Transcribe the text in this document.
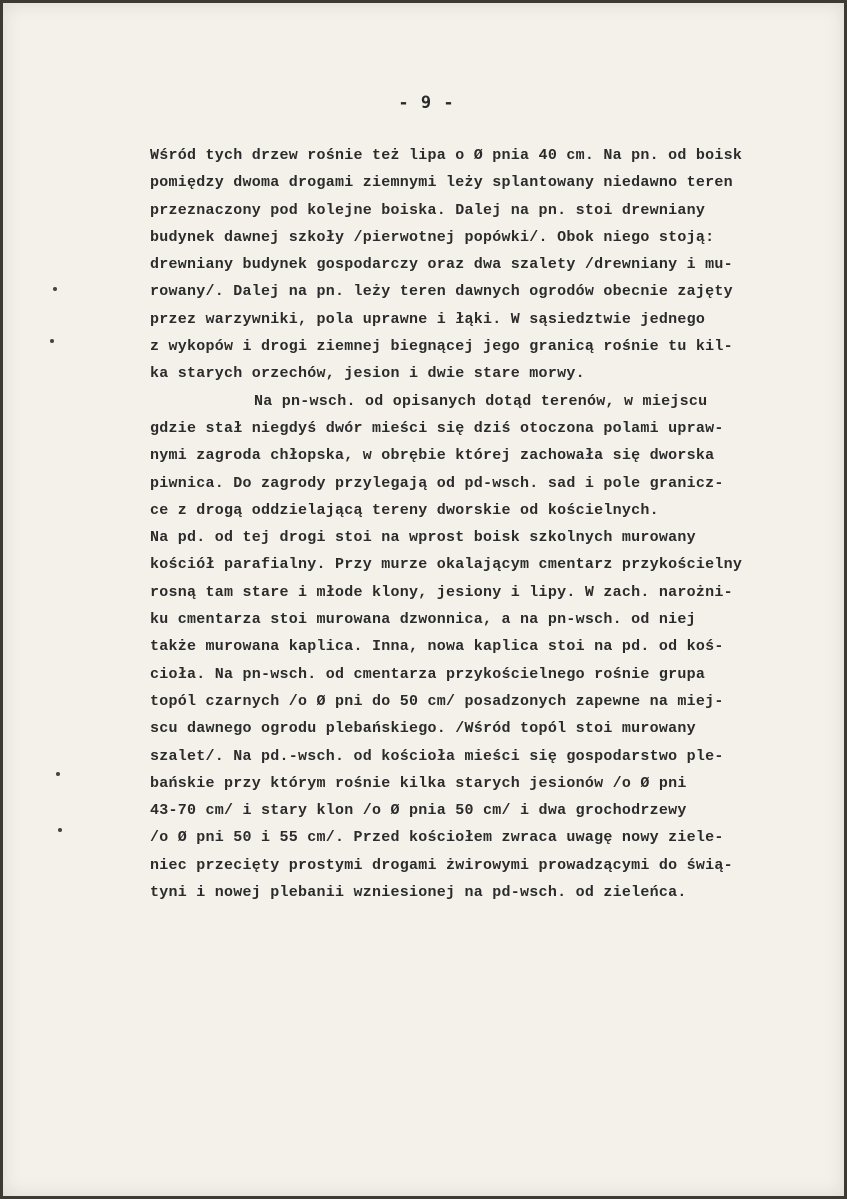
- 9 -
Wśród tych drzew rośnie też lipa o Ø pnia 40 cm. Na pn. od boisk
pomiędzy dwoma drogami ziemnymi leży splantowany niedawno teren
przeznaczony pod kolejne boiska. Dalej na pn. stoi drewniany
budynek dawnej szkoły /pierwotnej popówki/. Obok niego stoją:
drewniany budynek gospodarczy oraz dwa szalety /drewniany i mu-
rowany/. Dalej na pn. leży teren dawnych ogrodów obecnie zajęty
przez warzywniki, pola uprawne i łąki. W sąsiedztwie jednego
z wykopów i drogi ziemnej biegnącej jego granicą rośnie tu kil-
ka starych orzechów, jesion i dwie stare morwy.
Na pn-wsch. od opisanych dotąd terenów, w miejscu
gdzie stał niegdyś dwór mieści się dziś otoczona polami upraw-
nymi zagroda chłopska, w obrębie której zachowała się dworska
piwnica. Do zagrody przylegają od pd-wsch. sad i pole granicz-
ce z drogą oddzielającą tereny dworskie od kościelnych.
Na pd. od tej drogi stoi na wprost boisk szkolnych murowany
kościół parafialny. Przy murze okalającym cmentarz przykościelny
rosną tam stare i młode klony, jesiony i lipy. W zach. narożni-
ku cmentarza stoi murowana dzwonnica, a na pn-wsch. od niej
także murowana kaplica. Inna, nowa kaplica stoi na pd. od koś-
cioła. Na pn-wsch. od cmentarza przykościelnego rośnie grupa
topól czarnych /o Ø pni do 50 cm/ posadzonych zapewne na miej-
scu dawnego ogrodu plebańskiego. /Wśród topól stoi murowany
szalet/. Na pd.-wsch. od kościoła mieści się gospodarstwo ple-
bańskie przy którym rośnie kilka starych jesionów /o Ø pni
43-70 cm/ i stary klon /o Ø pnia 50 cm/ i dwa grochodrzewy
/o Ø pni 50 i 55 cm/. Przed kościołem zwraca uwagę nowy ziele-
niec przecięty prostymi drogami żwirowymi prowadzącymi do świą-
tyni i nowej plebanii wzniesionej na pd-wsch. od zieleńca.
